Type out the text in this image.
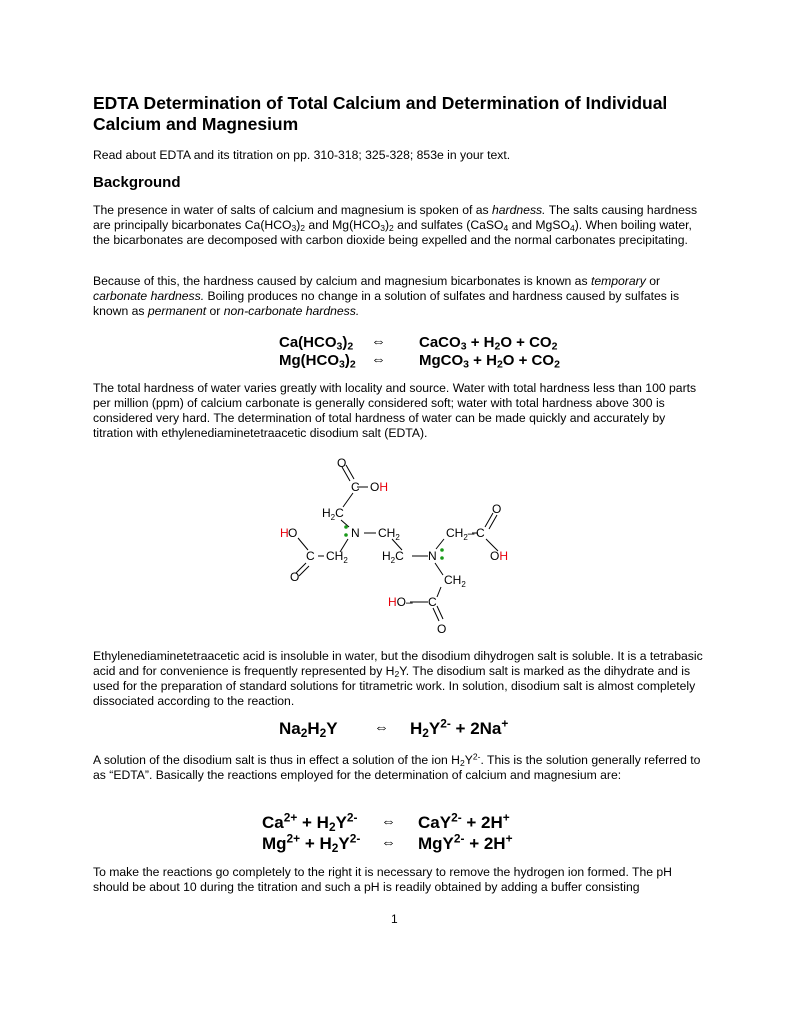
EDTA Determination of Total Calcium and Determination of Individual Calcium and Magnesium

Read about EDTA and its titration on pp. 310-318; 325-328; 853e in your text.

Background

The presence in water of salts of calcium and magnesium is spoken of as hardness. The salts causing hardness are principally bicarbonates $Ca(HCO_3)_2$ and $Mg(HCO_3)_2$ and sulfates (CaSO$_4$ and MgSO$_4$). When boiling water, the bicarbonates are decomposed with carbon dioxide being expelled and the normal carbonates precipitating.

Because of this, the hardness caused by calcium and magnesium bicarbonates is known as temporary or carbonate hardness. Boiling produces no change in a solution of sulfates and hardness caused by sulfates is known as permanent or non-carbonate hardness.

$Ca(HCO_3)_2$ ⇔ CaCO$_3$ + $H_2O + CO_2$
$Mg(HCO_3)_2$ ⇔ MgCO$_3$ + $H_2O + CO_2$

The total hardness of water varies greatly with locality and source. Water with total hardness less than 100 parts per million (ppm) of calcium carbonate is generally considered soft; water with total hardness above 300 is considered very hard. The determination of total hardness of water can be made quickly and accurately by titration with ethylenediaminetetraacetic disodium salt (EDTA).

O
C OH
$H_2C$
N $CH_2$
H O
C $CH_2$
O
$H_2C$ N
$CH_2-$ C
O
OH
$CH_2$
HO– C
O

Ethylenediaminetetraacetic acid is insoluble in water, but the disodium dihydrogen salt is soluble. It is a tetrabasic acid and for convenience is frequently represented by $H_2Y$. The disodium salt is marked as the dihydrate and is used for the preparation of standard solutions for titrametric work. In solution, disodium salt is almost completely dissociated according to the reaction.

$Na_2H_2Y$ ⇔ $H_2Y^{2-} + 2Na^+$

A solution of the disodium salt is thus in effect a solution of the ion $H_2Y^{2-}$. This is the solution generally referred to as “EDTA”. Basically the reactions employed for the determination of calcium and magnesium are:

$Ca^{2+} + H_2Y^{2-}$ ⇔ CaY$^{2-}$ + 2H+
$Mg^{2+} + H_2Y^{2-}$ ⇔ MgY$^{2-}$ + 2H+

To make the reactions go completely to the right it is necessary to remove the hydrogen ion formed. The pH should be about 10 during the titration and such a pH is readily obtained by adding a buffer consisting

1
